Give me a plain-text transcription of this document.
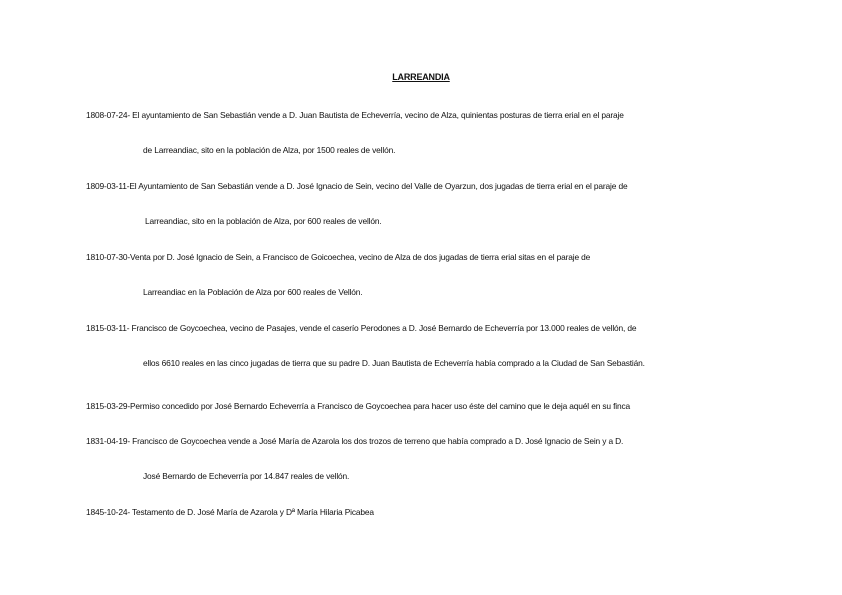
LARREANDIA
1808-07-24- El ayuntamiento de San Sebastián vende a D. Juan Bautista de Echeverría, vecino de Alza, quinientas posturas de tierra erial en el paraje
de Larreandiac, sito en la población de Alza, por 1500 reales de vellón.
1809-03-11-El Ayuntamiento de San Sebastián vende a D. José Ignacio de Sein, vecino del Valle de Oyarzun, dos jugadas de tierra erial en el paraje de
Larreandiac, sito en la población de Alza, por 600 reales de vellón.
1810-07-30-Venta por D. José Ignacio de Sein, a Francisco de Goicoechea, vecino de Alza de dos jugadas de tierra erial sitas en el paraje de
Larreandiac en la Población de Alza por 600 reales de Vellón.
1815-03-11- Francisco de Goycoechea, vecino de Pasajes, vende el caserío Perodones a D. José Bernardo de Echeverría por 13.000 reales de vellón, de
ellos 6610 reales en las cinco jugadas de tierra que su padre D. Juan Bautista de Echeverría había comprado a la Ciudad de San Sebastián.
1815-03-29-Permiso concedido por José Bernardo Echeverría a Francisco de Goycoechea para hacer uso éste del camino que le deja aquél en su finca
1831-04-19- Francisco de Goycoechea vende a José María de Azarola los dos trozos de terreno que había comprado a D. José Ignacio de Sein y a D.
José Bernardo de Echeverría por 14.847 reales de vellón.
1845-10-24- Testamento de D. José María de Azarola y Dª María Hilaria Picabea
